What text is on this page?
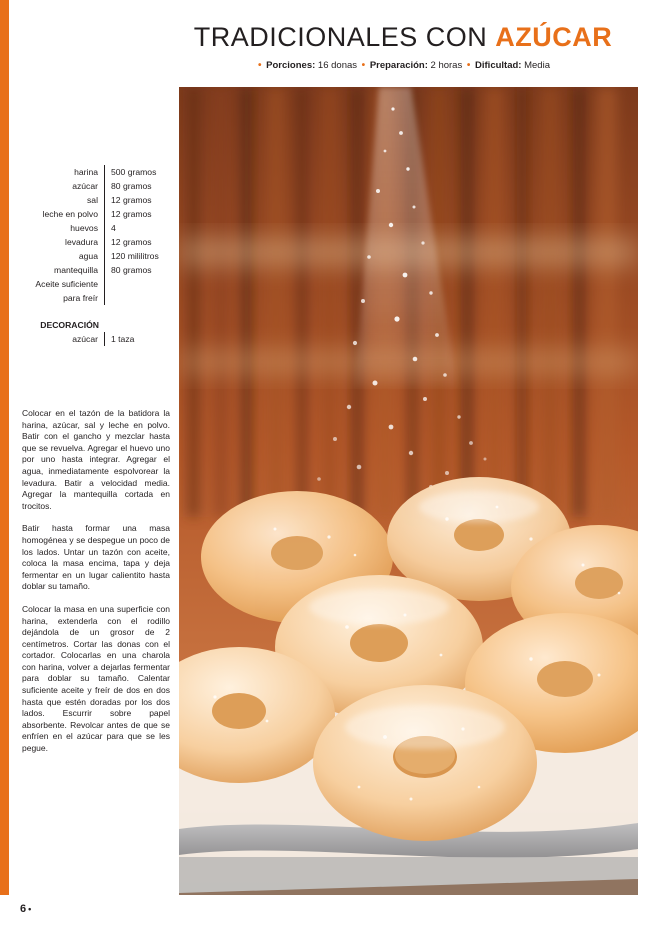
TRADICIONALES CON AZÚCAR
• Porciones: 16 donas • Preparación: 2 horas • Dificultad: Media
harina	500 gramos
azúcar	80 gramos
sal	12 gramos
leche en polvo	12 gramos
huevos	4
levadura	12 gramos
agua	120 mililitros
mantequilla	80 gramos
Aceite suficiente
para freír
DECORACIÓN
azúcar	1 taza

Colocar en el tazón de la batidora la harina, azúcar, sal y leche en polvo. Batir con el gancho y mezclar hasta que se revuelva. Agregar el huevo uno por uno hasta integrar. Agregar el agua, inmediatamente espolvorear la levadura. Batir a velocidad media. Agregar la mantequilla cortada en trocitos.

Batir hasta formar una masa homogénea y se despegue un poco de los lados. Untar un tazón con aceite, coloca la masa encima, tapa y deja fermentar en un lugar calientito hasta doblar su tamaño.

Colocar la masa en una superficie con harina, extenderla con el rodillo dejándola de un grosor de 2 centímetros. Cortar las donas con el cortador. Colocarlas en una charola con harina, volver a dejarlas fermentar para doblar su tamaño. Calentar suficiente aceite y freír de dos en dos hasta que estén doradas por los dos lados. Escurrir sobre papel absorbente. Revolcar antes de que se enfríen en el azúcar para que se les pegue.

6 •
